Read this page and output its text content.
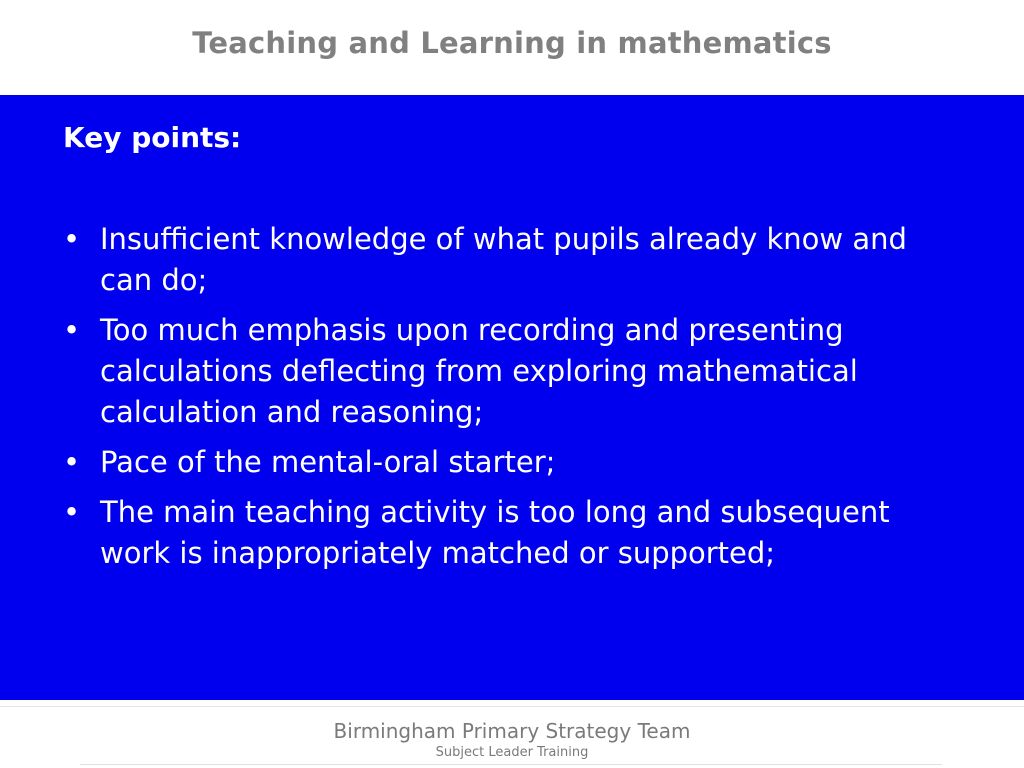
Teaching and Learning in mathematics
Key points:
• Insufficient knowledge of what pupils already know and can do;
• Too much emphasis upon recording and presenting calculations deflecting from exploring mathematical calculation and reasoning;
• Pace of the mental-oral starter;
• The main teaching activity is too long and subsequent work is inappropriately matched or supported;
Birmingham Primary Strategy Team
Subject Leader Training
